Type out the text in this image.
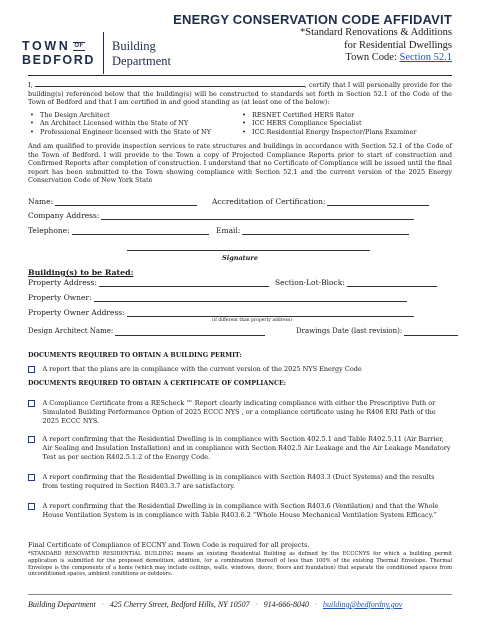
TOWN OF
BEDFORD
Building
Department
ENERGY CONSERVATION CODE AFFIDAVIT
*Standard Renovations & Additions
for Residential Dwellings
Town Code: Section 52.1
I,	, certify that I will personally provide for the building(s) referenced below that the building(s) will be constructed to standards set forth in Section 52.1 of the Code of the Town of Bedford and that I am certified in and good standing as (at least one of the below):
• The Design Architect
• An Architect Licensed within the State of NY
• Professional Engineer licensed with the State of NY
• RESNET Certified HERS Rater
• ICC HERS Compliance Specialist
• ICC Residential Energy Inspector/Plans Examiner
And am qualified to provide inspection services to rate structures and buildings in accordance with Section 52.1 of the Code of the Town of Bedford. I will provide to the Town a copy of Projected Compliance Reports prior to start of construction and Confirmed Reports after completion of construction. I understand that no Certificate of Compliance will be issued until the final report has been submitted to the Town showing compliance with Section 52.1 and the current version of the 2025 Energy Conservation Code of New York State
Name:	Accreditation of Certification:
Company Address:
Telephone:	Email:
Signature
Building(s) to be Rated:
Property Address:	Section-Lot-Block:
Property Owner:
Property Owner Address:
(if different than property address)
Design Architect Name:	Drawings Date (last revision):
DOCUMENTS REQUIRED TO OBTAIN A BUILDING PERMIT:
A report that the plans are in compliance with the current version of the 2025 NYS Energy Code
DOCUMENTS REQUIRED TO OBTAIN A CERTIFICATE OF COMPLIANCE:
A Compliance Certificate from a REScheck ™ Report clearly indicating compliance with either the Prescriptive Path or Simulated Building Performance Option of 2025 ECCC NYS , or a compliance certificate using he R406 ERI Path of the 2025 ECCC NYS.
A report confirming that the Residential Dwelling is in compliance with Section 402.5.1 and Table R402.5.11 (Air Barrier, Air Sealing and Insulation Installation) and in compliance with Section R402.5 Air Leakage and the Air Leakage Mandatory Test as per section R402.5.1.2 of the Energy Code.
A report confirming that the Residential Dwelling is in compliance with Section R403.3 (Duct Systems) and the results from testing required in Section R403.3.7 are satisfactory.
A report confirming that the Residential Dwelling is in compliance with Section R403.6 (Ventilation) and that the Whole House Ventilation System is in compliance with Table R403.6.2 “Whole House Mechanical Ventilation System Efficacy.”
Final Certificate of Compliance of ECCNY and Town Code is required for all projects.
*STANDARD RENOVATED RESIDENTIAL BUILDING means an existing Residential Building as defined by the ECCCNYS for which a building permit application is submitted for the proposed demolition, addition, (or a combination thereof) of less than 100% of the existing Thermal Envelope. Thermal Envelope is the components of a home (which may include ceilings, walls, windows, doors, floors and foundation) that separate the conditioned spaces from unconditioned spaces, ambient conditions or outdoors.
Building Department · 425 Cherry Street, Bedford Hills, NY 10507 · 914-666-8040 · building@bedfordny.gov
